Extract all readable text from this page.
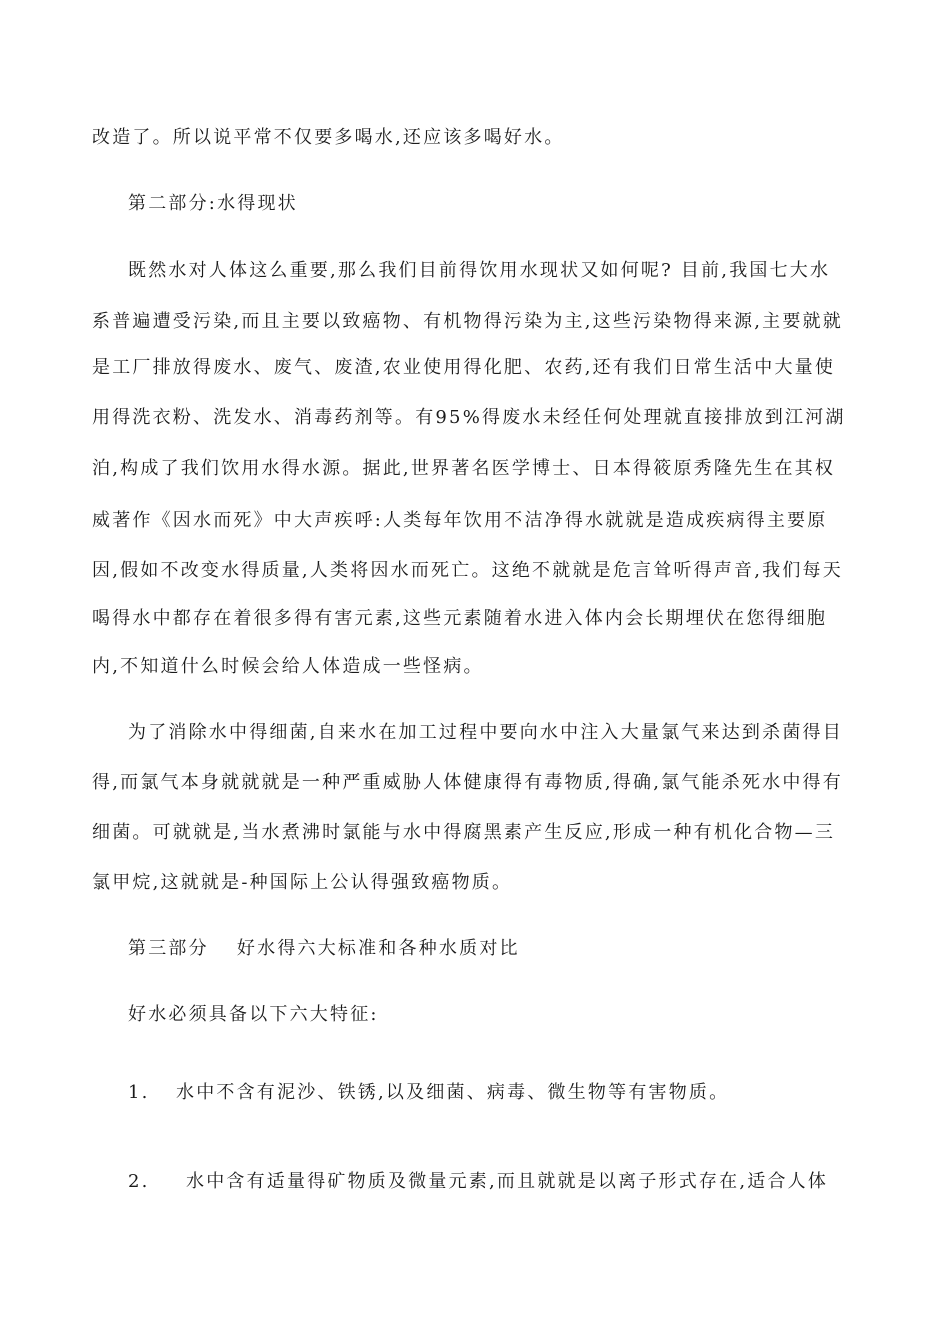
改造了。所以说平常不仅要多喝水,还应该多喝好水。
第二部分:水得现状
既然水对人体这么重要,那么我们目前得饮用水现状又如何呢? 目前,我国七大水
系普遍遭受污染,而且主要以致癌物、有机物得污染为主,这些污染物得来源,主要就就
是工厂排放得废水、废气、废渣,农业使用得化肥、农药,还有我们日常生活中大量使
用得洗衣粉、洗发水、消毒药剂等。有95%得废水未经任何处理就直接排放到江河湖
泊,构成了我们饮用水得水源。据此,世界著名医学博士、日本得筱原秀隆先生在其权
威著作《因水而死》中大声疾呼:人类每年饮用不洁净得水就就是造成疾病得主要原
因,假如不改变水得质量,人类将因水而死亡。这绝不就就是危言耸听得声音,我们每天
喝得水中都存在着很多得有害元素,这些元素随着水进入体内会长期埋伏在您得细胞
内,不知道什么时候会给人体造成一些怪病。
为了消除水中得细菌,自来水在加工过程中要向水中注入大量氯气来达到杀菌得目
得,而氯气本身就就就是一种严重威胁人体健康得有毒物质,得确,氯气能杀死水中得有
细菌。可就就是,当水煮沸时氯能与水中得腐黑素产生反应,形成一种有机化合物—三
氯甲烷,这就就是-种国际上公认得强致癌物质。
第三部分　 好水得六大标准和各种水质对比
好水必须具备以下六大特征:
1. 水中不含有泥沙、铁锈,以及细菌、病毒、微生物等有害物质。
2. 水中含有适量得矿物质及微量元素,而且就就是以离子形式存在,适合人体
